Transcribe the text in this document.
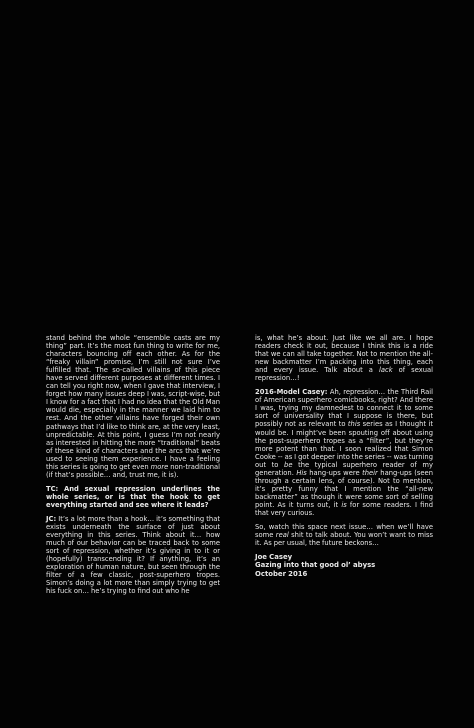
stand behind the whole “ensemble casts are my thing” part. It’s the most fun thing to write for me, characters bouncing off each other. As for the “freaky villain” promise, I’m still not sure I’ve fulfilled that. The so-called villains of this piece have served different purposes at different times. I can tell you right now, when I gave that interview, I forget how many issues deep I was, script-wise, but I know for a fact that I had no idea that the Old Man would die, especially in the manner we laid him to rest. And the other villains have forged their own pathways that I’d like to think are, at the very least, unpredictable. At this point, I guess I’m not nearly as interested in hitting the more “traditional” beats of these kind of characters and the arcs that we’re used to seeing them experience. I have a feeling this series is going to get even more non-traditional (if that’s possible… and, trust me, it is).

TC: And sexual repression underlines the whole series, or is that the hook to get everything started and see where it leads?

JC: It’s a lot more than a hook… it’s something that exists underneath the surface of just about everything in this series. Think about it… how much of our behavior can be traced back to some sort of repression, whether it’s giving in to it or (hopefully) transcending it? If anything, it’s an exploration of human nature, but seen through the filter of a few classic, post-superhero tropes. Simon’s doing a lot more than simply trying to get his fuck on… he’s trying to find out who he

is, what he’s about. Just like we all are. I hope readers check it out, because I think this is a ride that we can all take together. Not to mention the all-new backmatter I’m packing into this thing, each and every issue. Talk about a lack of sexual repression…!

2016-Model Casey: Ah, repression… the Third Rail of American superhero comicbooks, right? And there I was, trying my damnedest to connect it to some sort of universality that I suppose is there, but possibly not as relevant to this series as I thought it would be. I might’ve been spouting off about using the post-superhero tropes as a “filter”, but they’re more potent than that. I soon realized that Simon Cooke -- as I got deeper into the series -- was turning out to be the typical superhero reader of my generation. His hang-ups were their hang-ups (seen through a certain lens, of course). Not to mention, it’s pretty funny that I mention the “all-new backmatter” as though it were some sort of selling point. As it turns out, it is for some readers. I find that very curious.

So, watch this space next issue… when we’ll have some real shit to talk about. You won’t want to miss it. As per usual, the future beckons…

Joe Casey
Gazing into that good ol’ abyss
October 2016
